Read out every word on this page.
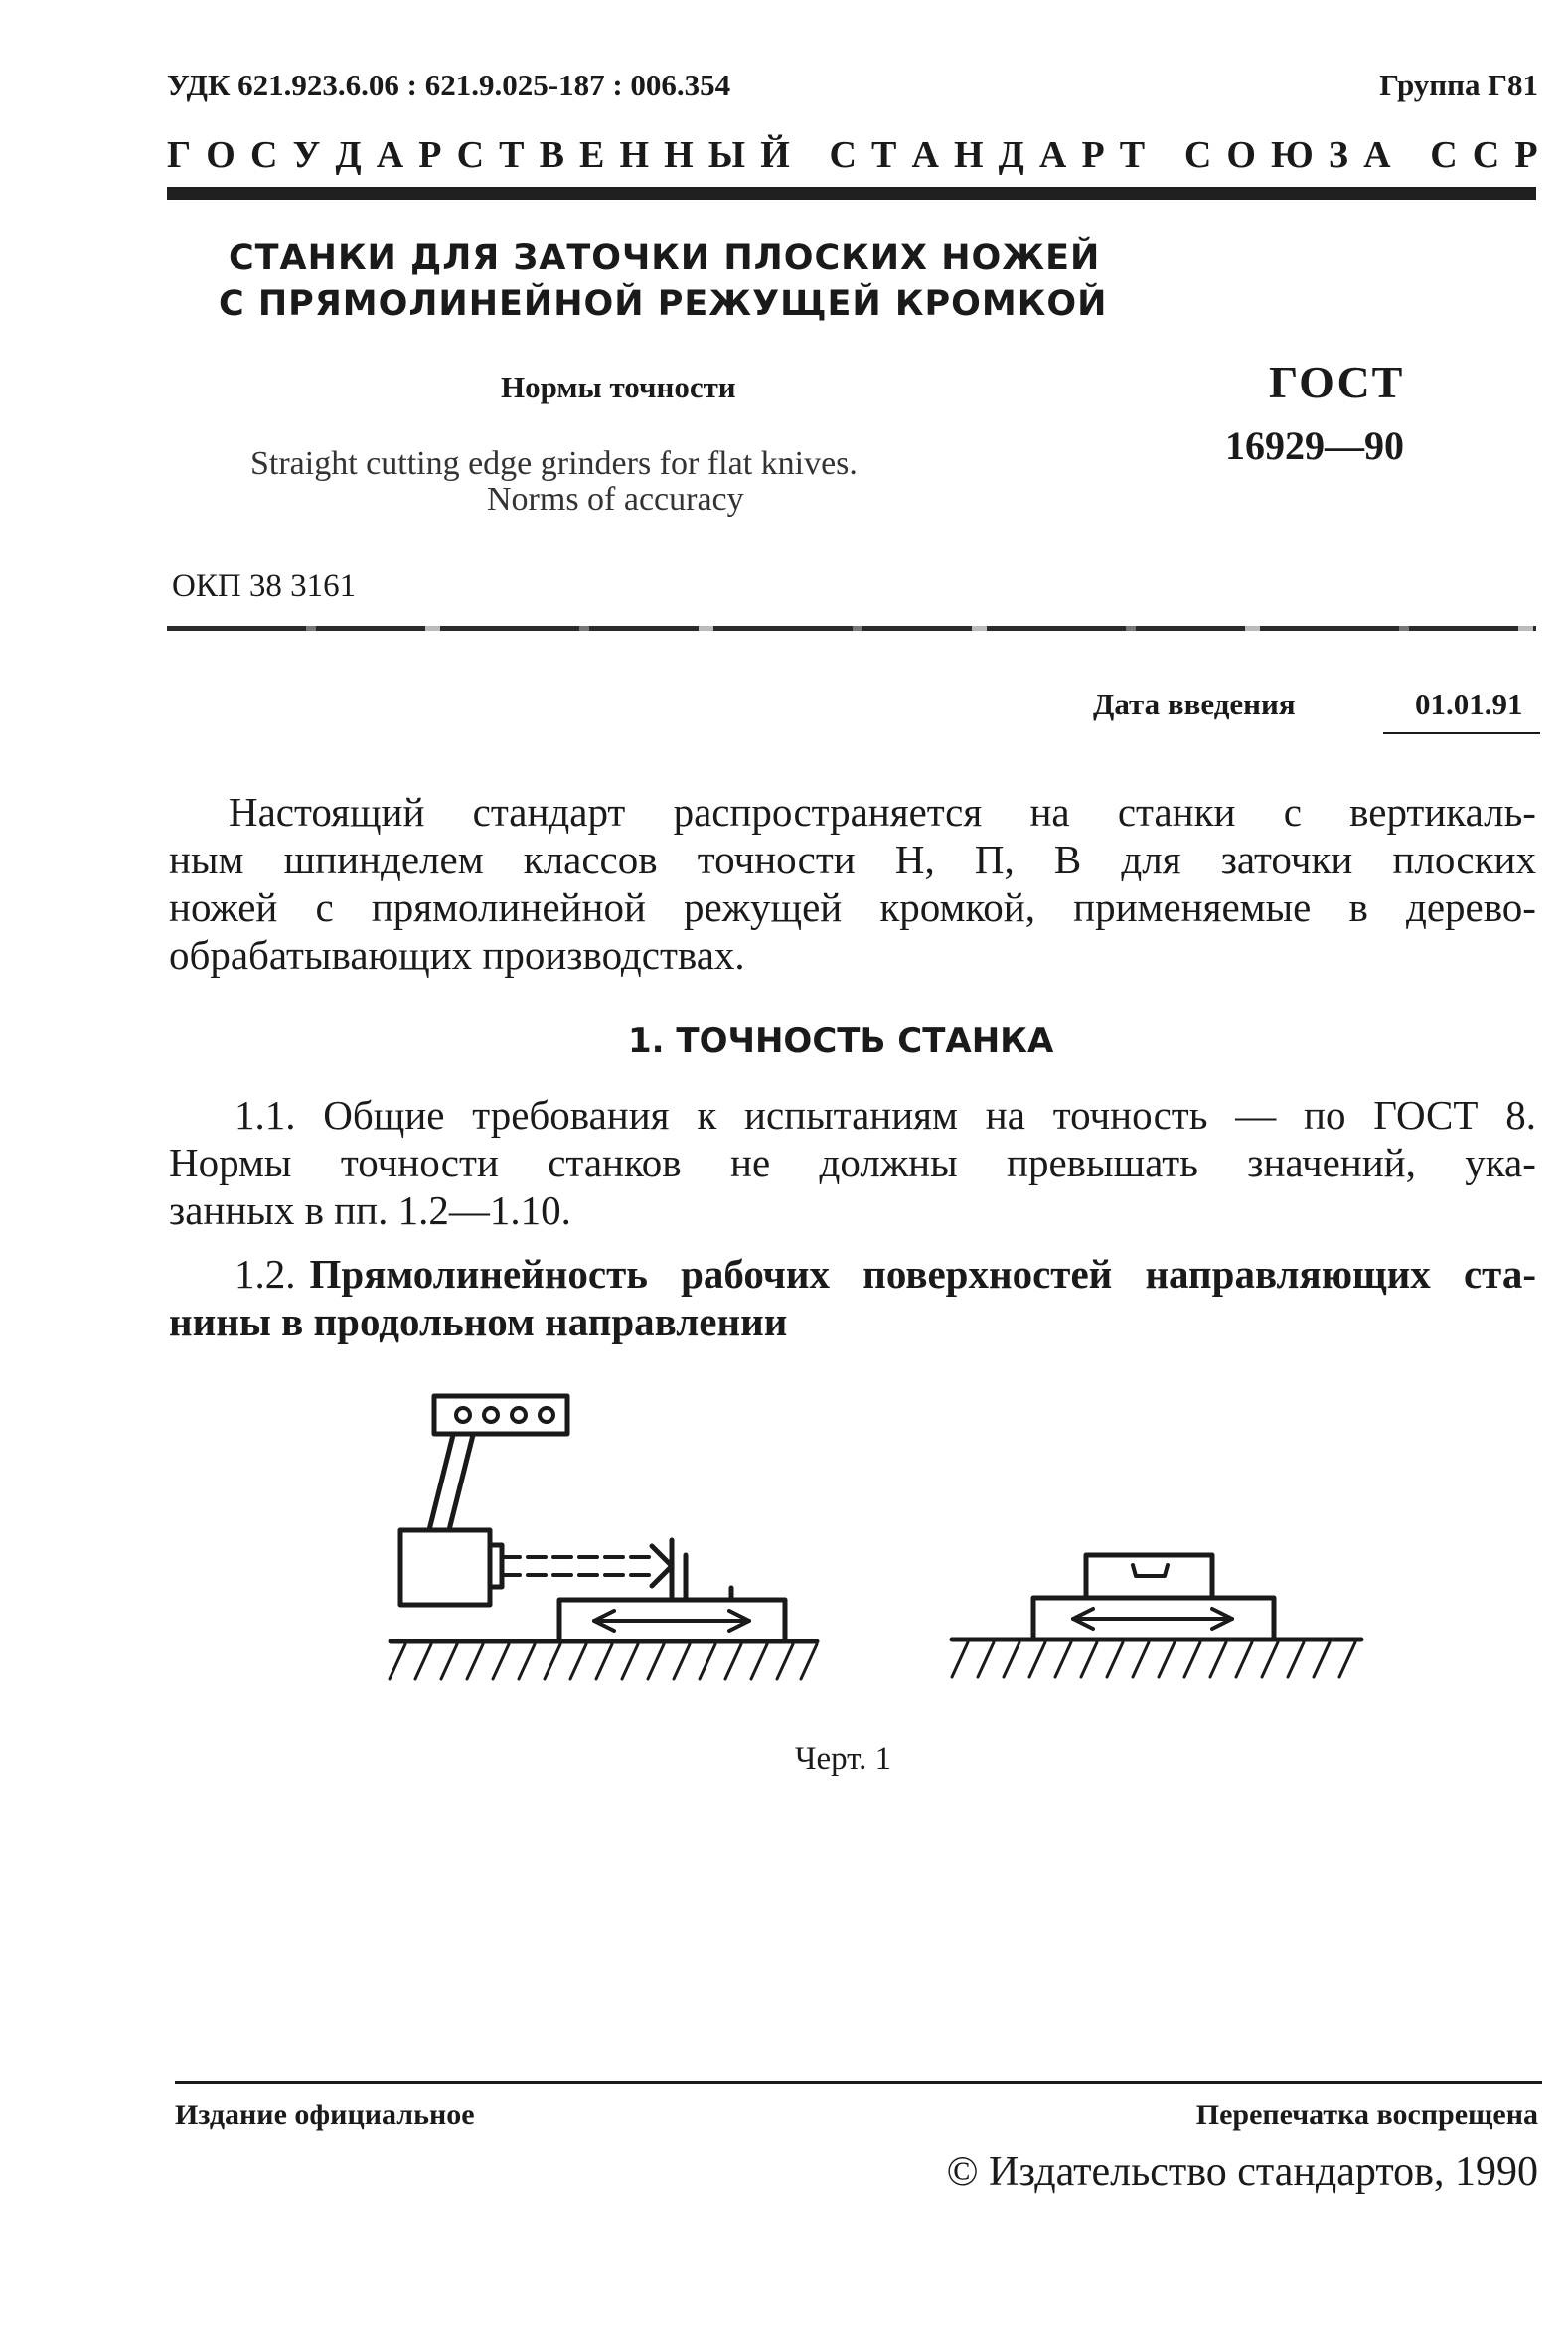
УДК 621.923.6.06 : 621.9.025-187 : 006.354	Группа Г81
Г О С У Д А Р С Т В Е Н Н Ы Й
С Т А Н Д А Р Т
С О Ю З А
С С Р
СТАНКИ ДЛЯ ЗАТОЧКИ ПЛОСКИХ НОЖЕЙ
С ПРЯМОЛИНЕЙНОЙ РЕЖУЩЕЙ КРОМКОЙ
Нормы точности	ГОСТ
16929—90
Straight cutting edge grinders for flat knives.
Norms of accuracy
ОКП 38 3161
Дата введения	01.01.91
Настоящий стандарт распространяется на станки с вертикаль-
ным шпинделем классов точности Н, П, В для заточки плоских
ножей с прямолинейной режущей кромкой, применяемые в дерево-
обрабатывающих производствах.
1. ТОЧНОСТЬ СТАНКА
1.1. Общие требования к испытаниям на точность — по ГОСТ 8.
Нормы точности станков не должны превышать значений, ука-
занных в пп. 1.2—1.10.
1.2. Прямолинейность рабочих поверхностей направляющих ста-
нины в продольном направлении
Черт. 1
Издание официальное	Перепечатка воспрещена
© Издательство стандартов, 1990
